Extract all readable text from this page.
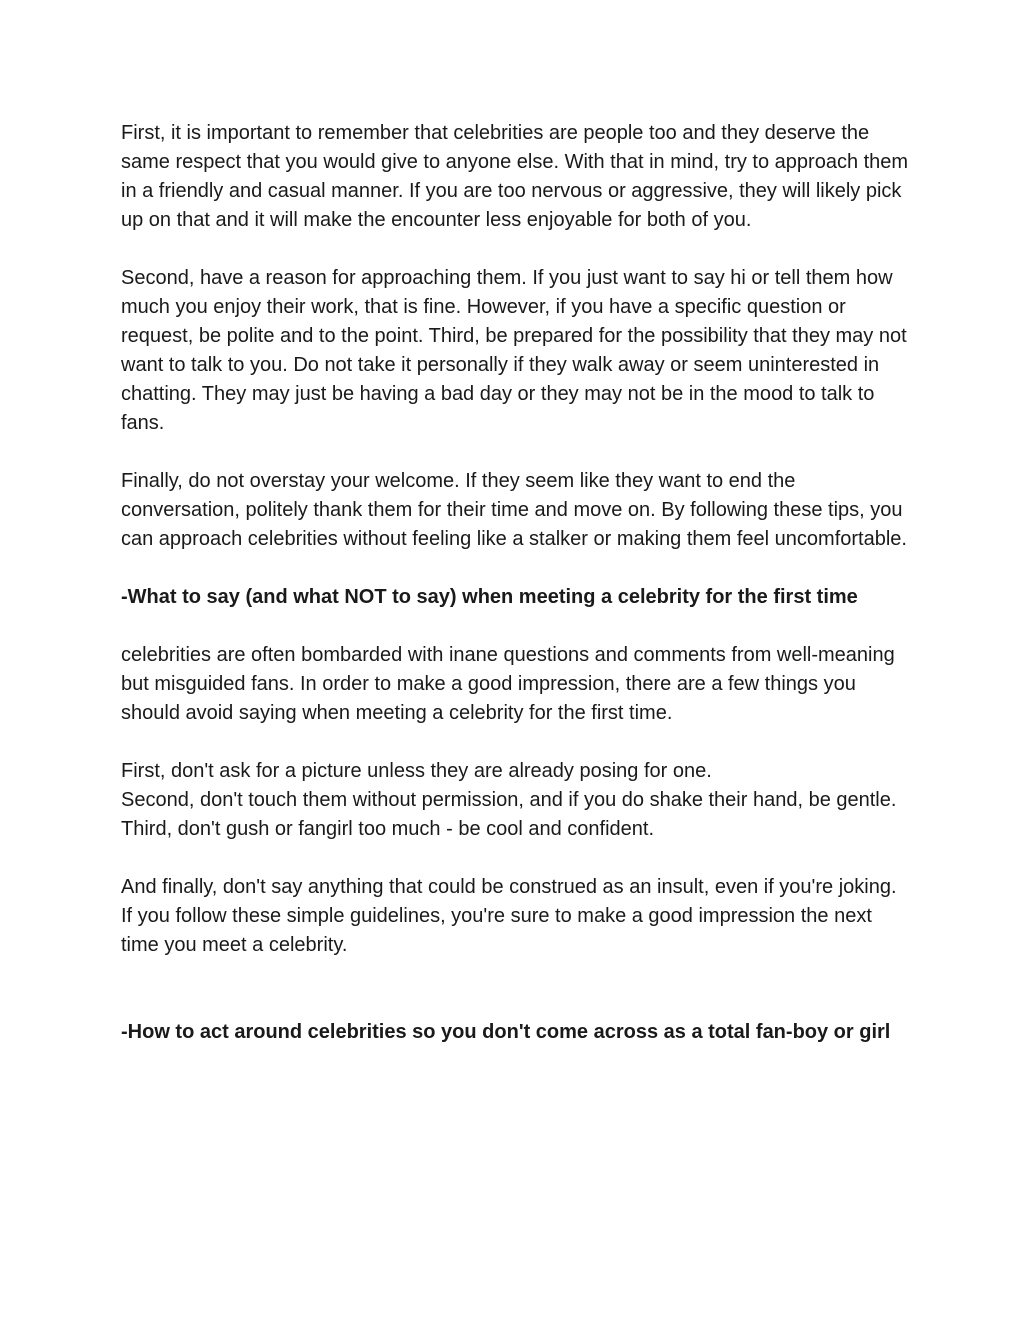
First, it is important to remember that celebrities are people too and they deserve the same respect that you would give to anyone else. With that in mind, try to approach them in a friendly and casual manner. If you are too nervous or aggressive, they will likely pick up on that and it will make the encounter less enjoyable for both of you.

Second, have a reason for approaching them. If you just want to say hi or tell them how much you enjoy their work, that is fine. However, if you have a specific question or request, be polite and to the point. Third, be prepared for the possibility that they may not want to talk to you. Do not take it personally if they walk away or seem uninterested in chatting. They may just be having a bad day or they may not be in the mood to talk to fans.

Finally, do not overstay your welcome. If they seem like they want to end the conversation, politely thank them for their time and move on. By following these tips, you can approach celebrities without feeling like a stalker or making them feel uncomfortable.

-What to say (and what NOT to say) when meeting a celebrity for the first time

celebrities are often bombarded with inane questions and comments from well-meaning but misguided fans. In order to make a good impression, there are a few things you should avoid saying when meeting a celebrity for the first time.

First, don't ask for a picture unless they are already posing for one.

Second, don't touch them without permission, and if you do shake their hand, be gentle. Third, don't gush or fangirl too much - be cool and confident.

And finally, don't say anything that could be construed as an insult, even if you're joking. If you follow these simple guidelines, you're sure to make a good impression the next time you meet a celebrity.

-How to act around celebrities so you don't come across as a total fan-boy or girl
